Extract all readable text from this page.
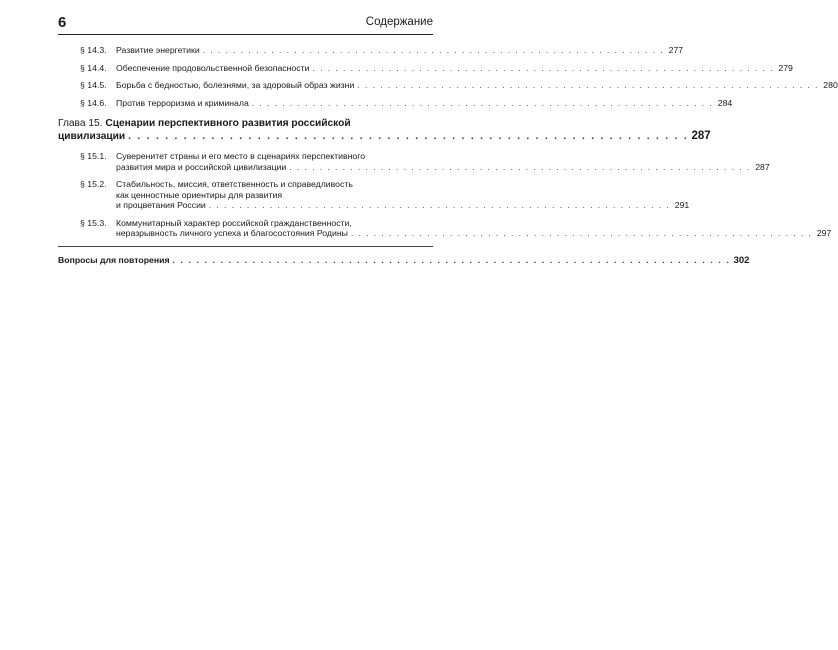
6	Содержание
§ 14.3.	Развитие энергетики . . . . . . . . . . . . . . . . . . . . . . . . . . . . . . . . . . . . . . . . . . . . . . . . . . . . . . . . . . . . . 277
§ 14.4.	Обеспечение продовольственной безопасности . . . . . . . . . . . . . . . . . . . . . . . . . . . . . . . . . . . . . . . . . . . . . . . . . . . . . . . . . . . . . 279
§ 14.5.	Борьба с бедностью, болезнями, за здоровый образ жизни . . . . . . . . . . . . . . . . . . . . . . . . . . . . . . . . . . . . . . . . . . . . . . . . . . . . . . . . . . . . . 280
§ 14.6.	Против терроризма и криминала . . . . . . . . . . . . . . . . . . . . . . . . . . . . . . . . . . . . . . . . . . . . . . . . . . . . . . . . . . . . . 284
Глава 15.
Сценарии перспективного развития российской
цивилизации . . . . . . . . . . . . . . . . . . . . . . . . . . . . . . . . . . . . . . . . . . . . . . . . . . . . . . . . . . . . . 287
§ 15.1.	Суверенитет страны и его место в сценариях перспективного
развития мира и российской цивилизации . . . . . . . . . . . . . . . . . . . . . . . . . . . . . . . . . . . . . . . . . . . . . . . . . . . . . . . . . . . . . 287
§ 15.2.	Стабильность, миссия, ответственность и справедливость
как ценностные ориентиры для развития
и процветания России . . . . . . . . . . . . . . . . . . . . . . . . . . . . . . . . . . . . . . . . . . . . . . . . . . . . . . . . . . . . . 291
§ 15.3.	Коммунитарный характер российской гражданственности,
неразрывность личного успеха и благосостояния Родины . . . . . . . . . . . . . . . . . . . . . . . . . . . . . . . . . . . . . . . . . . . . . . . . . . . . . . . . . . . . . 297
Вопросы для повторения . . . . . . . . . . . . . . . . . . . . . . . . . . . . . . . . . . . . . . . . . . . . . . . . . . . . . . . . . . . . . . . . . . . . . . 302
